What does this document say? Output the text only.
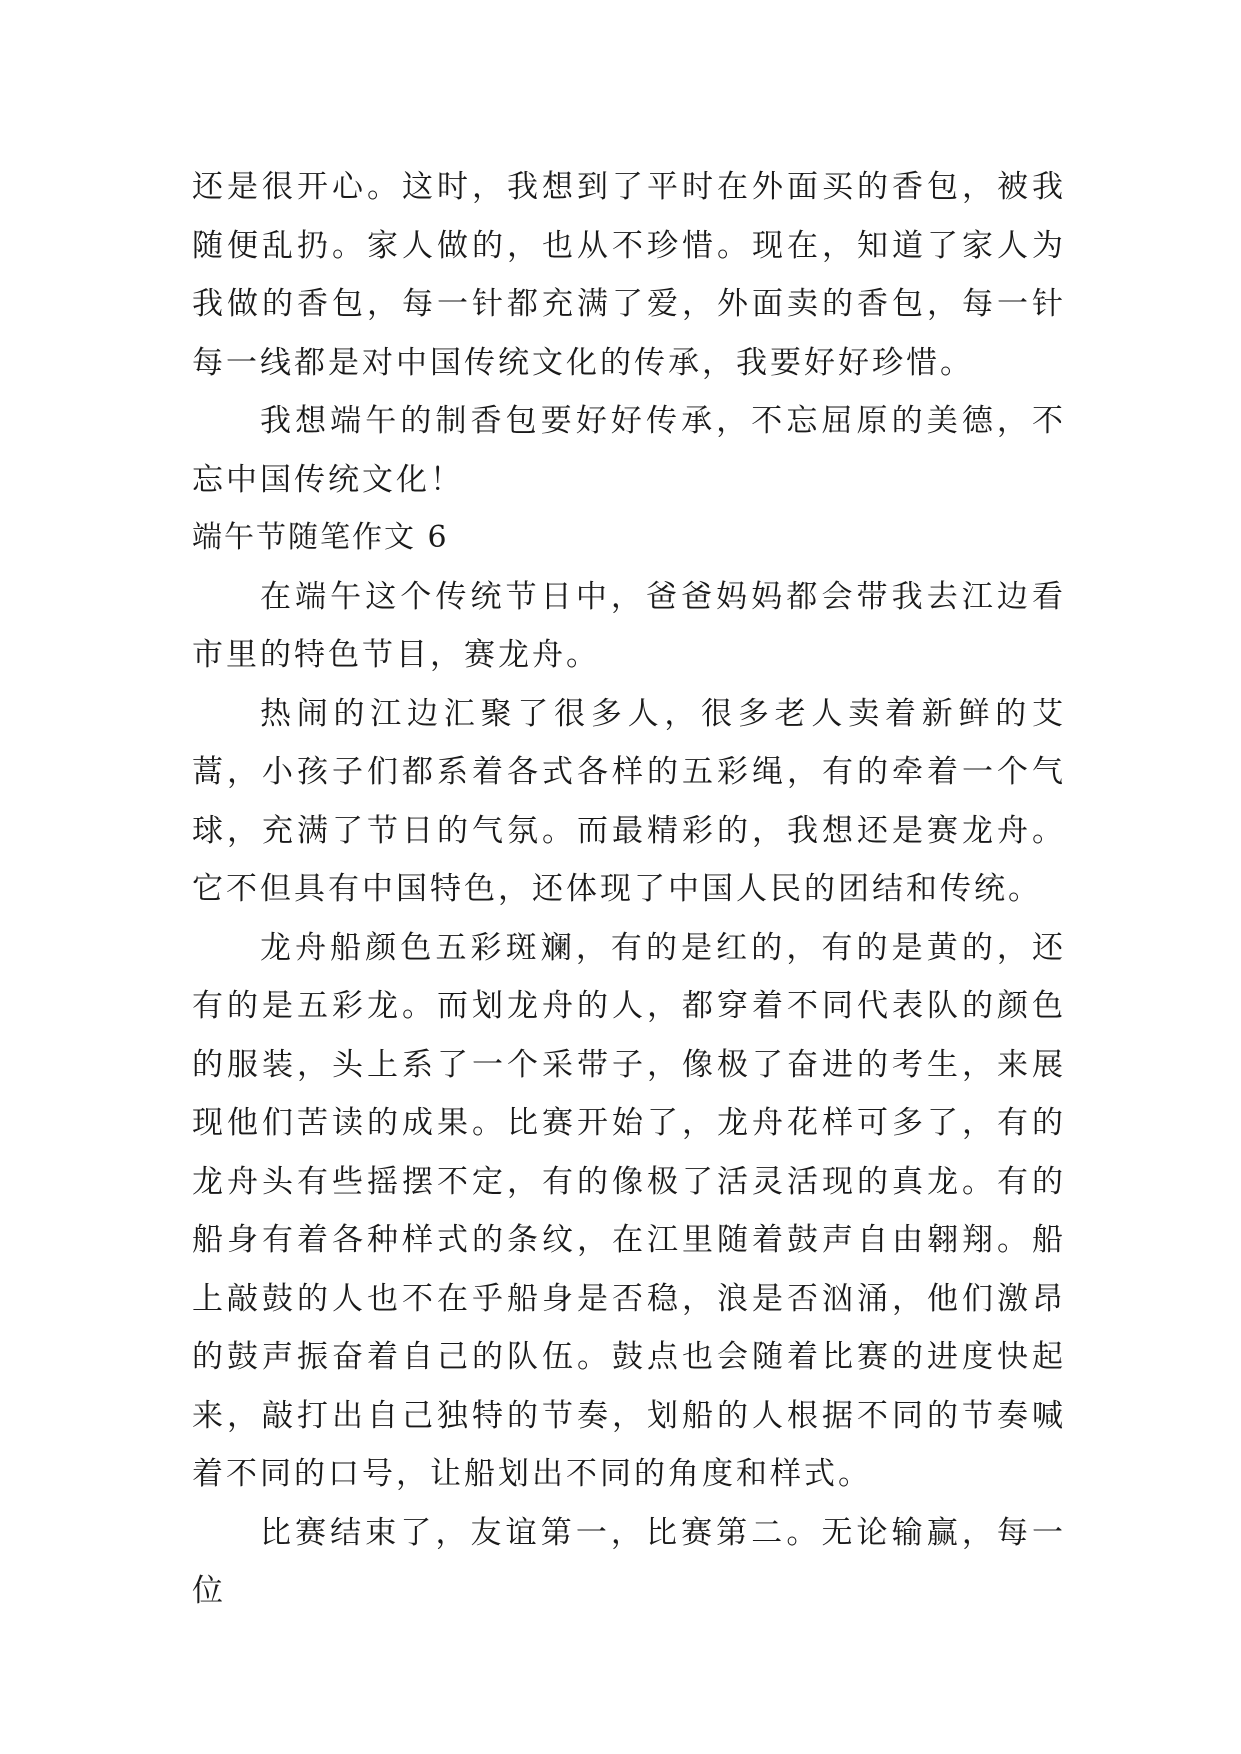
还是很开心。这时，我想到了平时在外面买的香包，被我随便乱扔。家人做的，也从不珍惜。现在，知道了家人为我做的香包，每一针都充满了爱，外面卖的香包，每一针每一线都是对中国传统文化的传承，我要好好珍惜。

我想端午的制香包要好好传承，不忘屈原的美德，不忘中国传统文化！

端午节随笔作文 6

在端午这个传统节日中，爸爸妈妈都会带我去江边看市里的特色节目，赛龙舟。

热闹的江边汇聚了很多人，很多老人卖着新鲜的艾蒿，小孩子们都系着各式各样的五彩绳，有的牵着一个气球，充满了节日的气氛。而最精彩的，我想还是赛龙舟。它不但具有中国特色，还体现了中国人民的团结和传统。

龙舟船颜色五彩斑斓，有的是红的，有的是黄的，还有的是五彩龙。而划龙舟的人，都穿着不同代表队的颜色的服装，头上系了一个采带子，像极了奋进的考生，来展现他们苦读的成果。比赛开始了，龙舟花样可多了，有的龙舟头有些摇摆不定，有的像极了活灵活现的真龙。有的船身有着各种样式的条纹，在江里随着鼓声自由翱翔。船上敲鼓的人也不在乎船身是否稳，浪是否汹涌，他们激昂的鼓声振奋着自己的队伍。鼓点也会随着比赛的进度快起来，敲打出自己独特的节奏，划船的人根据不同的节奏喊着不同的口号，让船划出不同的角度和样式。

比赛结束了，友谊第一，比赛第二。无论输赢，每一位
